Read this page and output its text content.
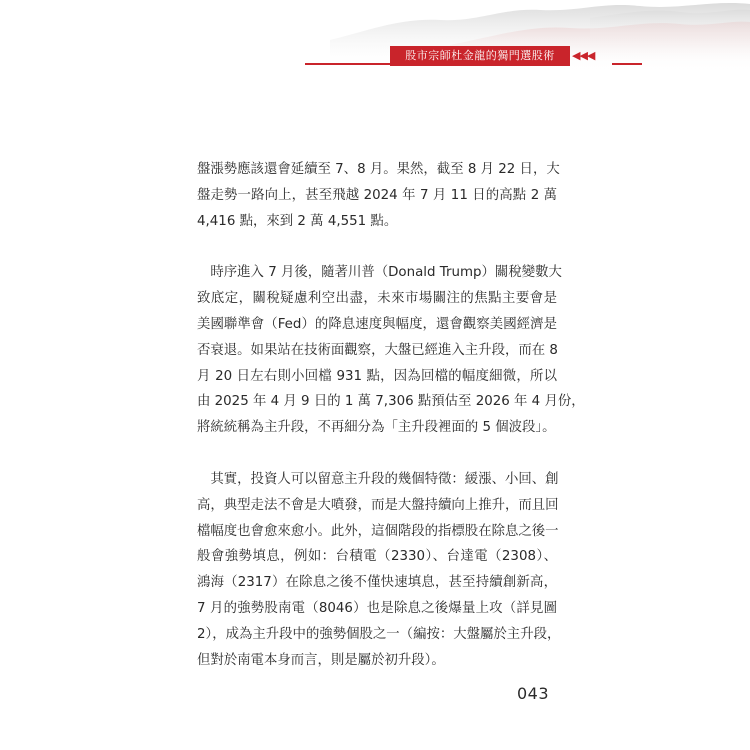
股市宗師杜金龍的獨門選股術	◀◀◀
盤漲勢應該還會延續至 7、8 月。果然，截至 8 月 22 日，大
盤走勢一路向上，甚至飛越 2024 年 7 月 11 日的高點 2 萬
4,416 點，來到 2 萬 4,551 點。
　時序進入 7 月後，隨著川普（Donald Trump）關稅變數大
致底定，關稅疑慮利空出盡，未來市場關注的焦點主要會是
美國聯準會（Fed）的降息速度與幅度，還會觀察美國經濟是
否衰退。如果站在技術面觀察，大盤已經進入主升段，而在 8
月 20 日左右則小回檔 931 點，因為回檔的幅度細微，所以
由 2025 年 4 月 9 日的 1 萬 7,306 點預估至 2026 年 4 月份，
將統統稱為主升段，不再細分為「主升段裡面的 5 個波段」。
　其實，投資人可以留意主升段的幾個特徵：緩漲、小回、創
高，典型走法不會是大噴發，而是大盤持續向上推升，而且回
檔幅度也會愈來愈小。此外，這個階段的指標股在除息之後一
般會強勢填息，例如：台積電（2330）、台達電（2308）、
鴻海（2317）在除息之後不僅快速填息，甚至持續創新高，
7 月的強勢股南電（8046）也是除息之後爆量上攻（詳見圖
2），成為主升段中的強勢個股之一（編按：大盤屬於主升段，
但對於南電本身而言，則是屬於初升段）。
043
